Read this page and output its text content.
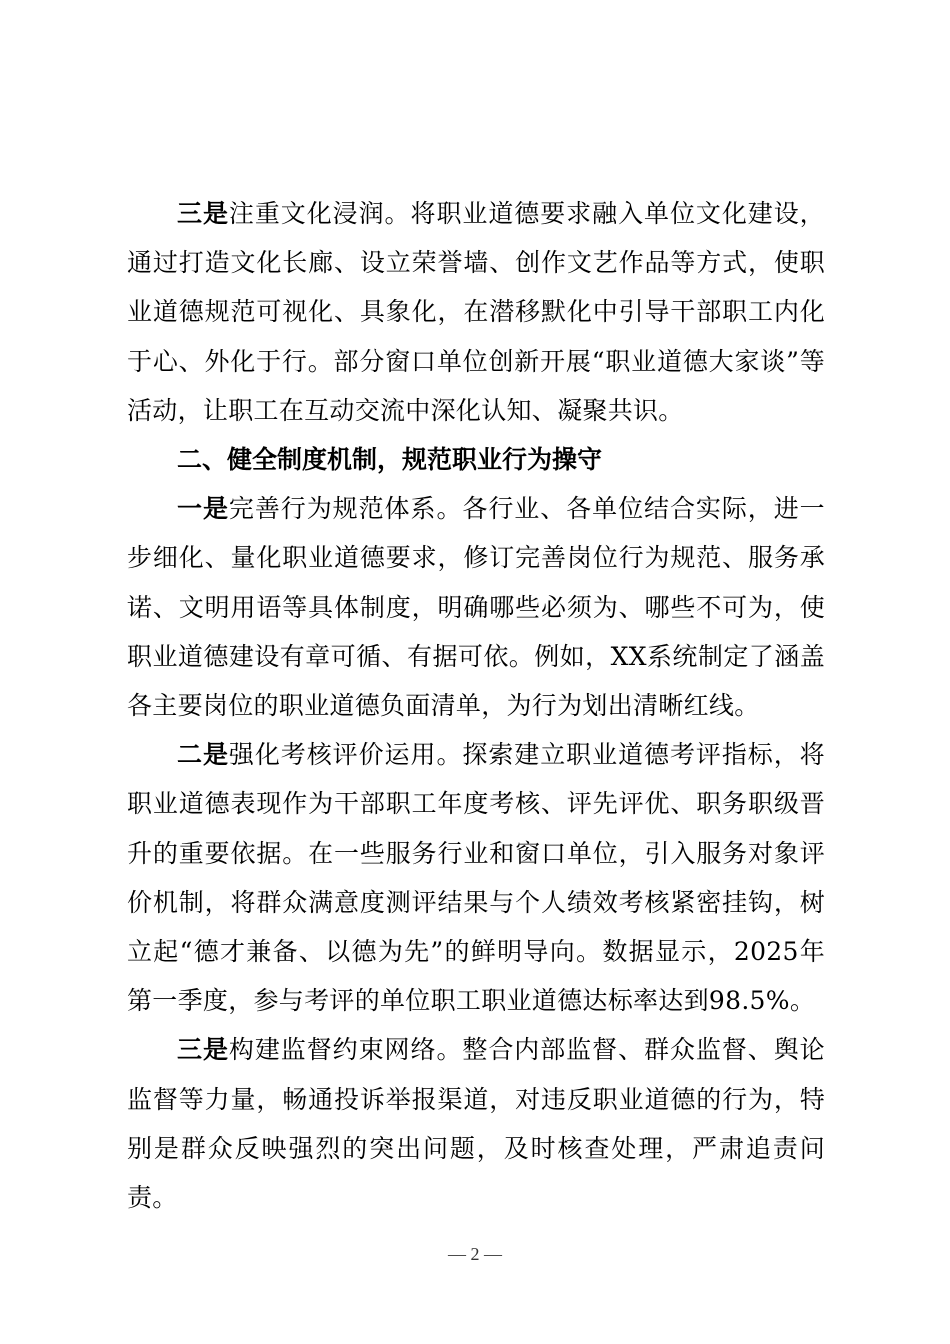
三是注重文化浸润。将职业道德要求融入单位文化建设，通过打造文化长廊、设立荣誉墙、创作文艺作品等方式，使职业道德规范可视化、具象化，在潜移默化中引导干部职工内化于心、外化于行。部分窗口单位创新开展“职业道德大家谈”等活动，让职工在互动交流中深化认知、凝聚共识。

二、健全制度机制，规范职业行为操守

一是完善行为规范体系。各行业、各单位结合实际，进一步细化、量化职业道德要求，修订完善岗位行为规范、服务承诺、文明用语等具体制度，明确哪些必须为、哪些不可为，使职业道德建设有章可循、有据可依。例如，XX系统制定了涵盖各主要岗位的职业道德负面清单，为行为划出清晰红线。

二是强化考核评价运用。探索建立职业道德考评指标，将职业道德表现作为干部职工年度考核、评先评优、职务职级晋升的重要依据。在一些服务行业和窗口单位，引入服务对象评价机制，将群众满意度测评结果与个人绩效考核紧密挂钩，树立起“德才兼备、以德为先”的鲜明导向。数据显示，2025年第一季度，参与考评的单位职工职业道德达标率达到98.5%。

三是构建监督约束网络。整合内部监督、群众监督、舆论监督等力量，畅通投诉举报渠道，对违反职业道德的行为，特别是群众反映强烈的突出问题，及时核查处理，严肃追责问责。

— 2 —
